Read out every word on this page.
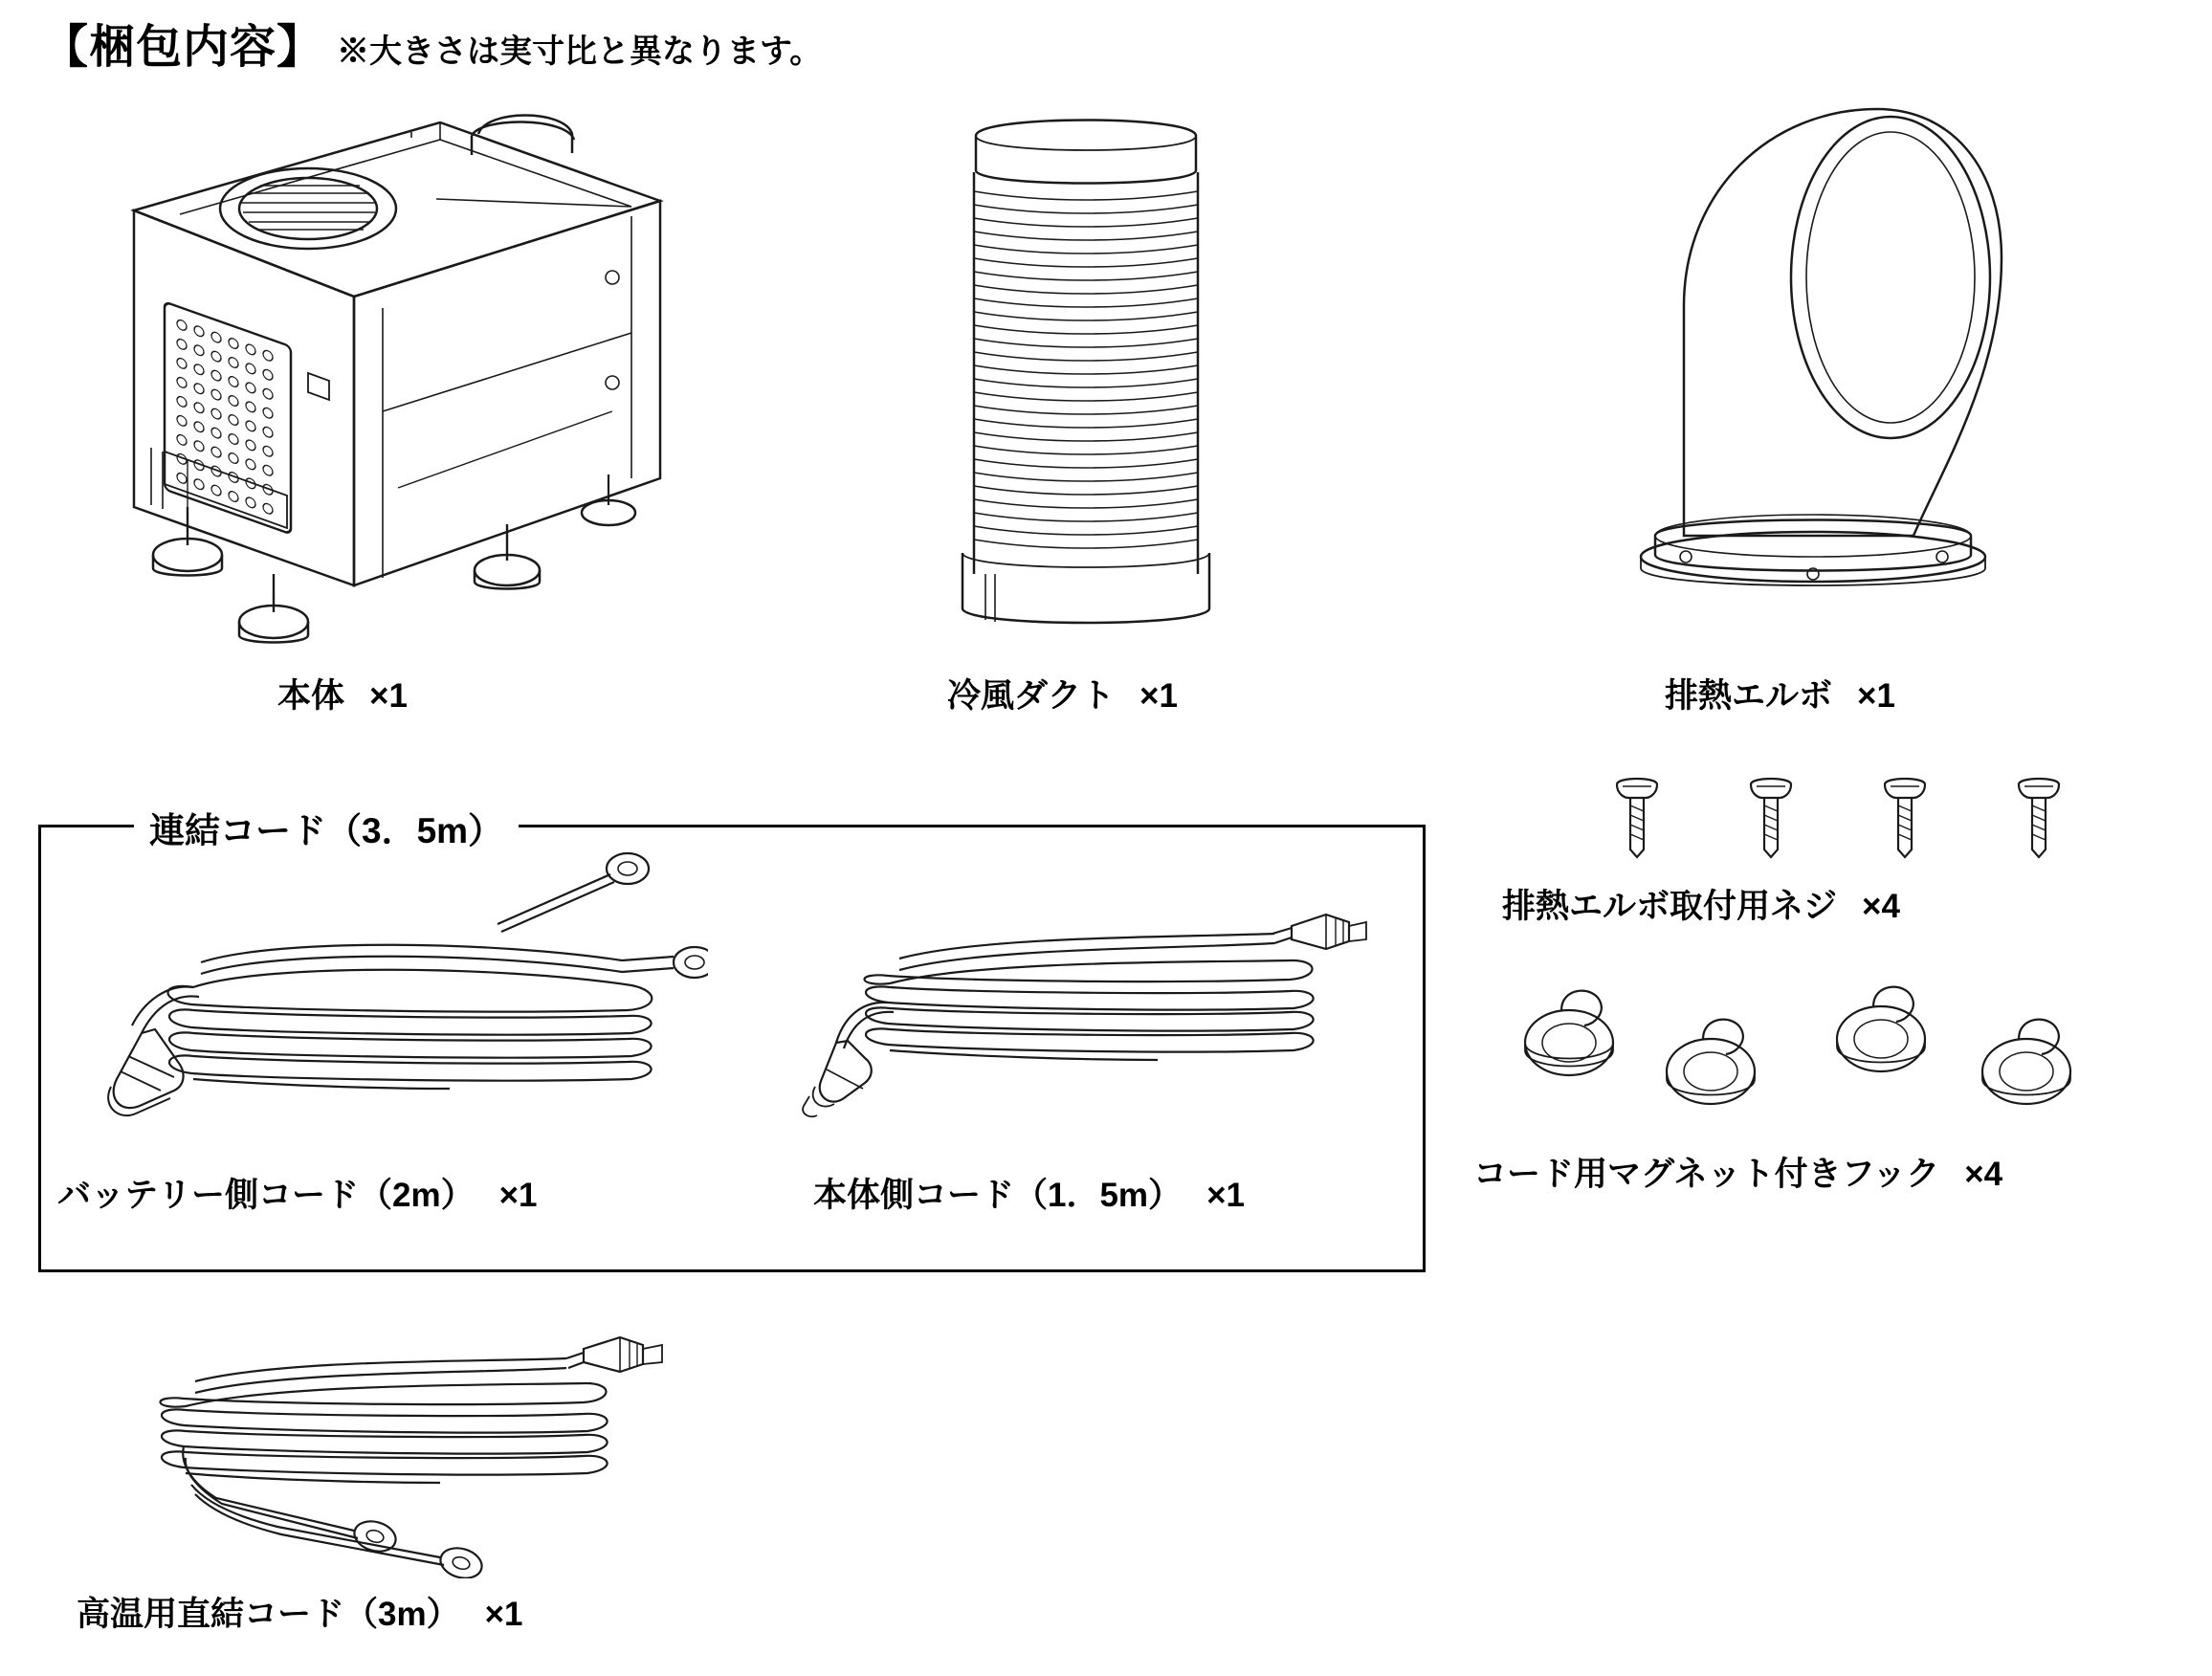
【梱包内容】 ※大きさは実寸比と異なります。
本体 ×1	冷風ダクト ×1	排熱エルボ ×1
排熱エルボ取付用ネジ ×4
コード用マグネット付きフック ×4
連結コード（3．5m）
バッテリー側コード（2m） ×1	本体側コード（1．5m） ×1
高温用直結コード（3m） ×1
